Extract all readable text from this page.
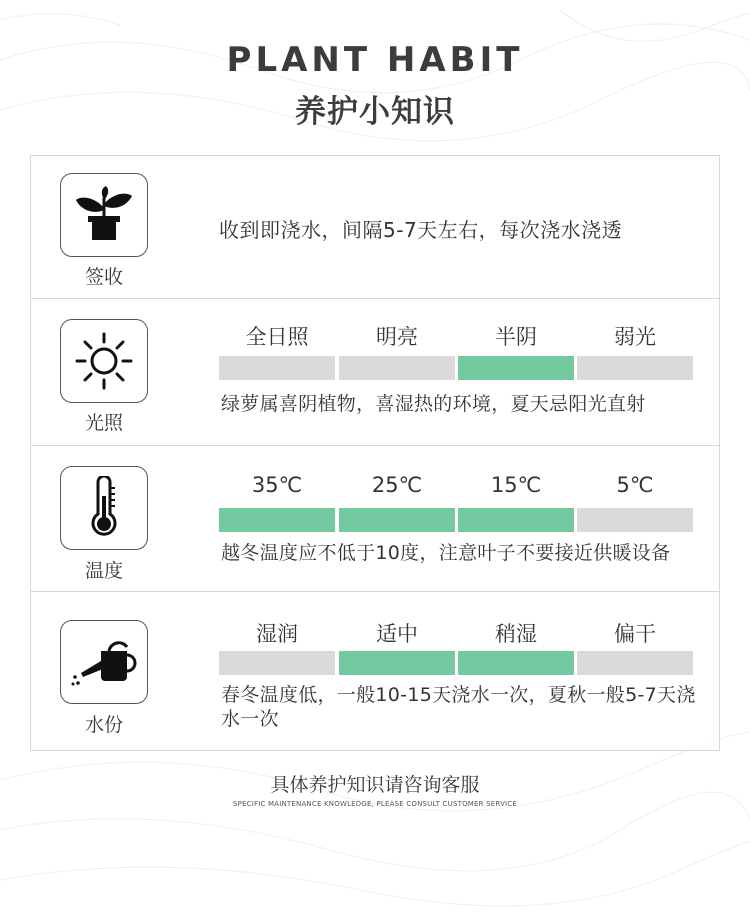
PLANT HABIT
养护小知识
签收
收到即浇水，间隔5-7天左右，每次浇水浇透
光照
全日照	明亮	半阴	弱光
绿萝属喜阴植物，喜湿热的环境，夏天忌阳光直射
温度
35℃	25℃	15℃	5℃
越冬温度应不低于10度，注意叶子不要接近供暖设备
水份
湿润	适中	稍湿	偏干
春冬温度低，一般10-15天浇水一次，夏秋一般5-7天浇水一次
具体养护知识请咨询客服
SPECIFIC MAINTENANCE KNOWLEDGE, PLEASE CONSULT CUSTOMER SERVICE
